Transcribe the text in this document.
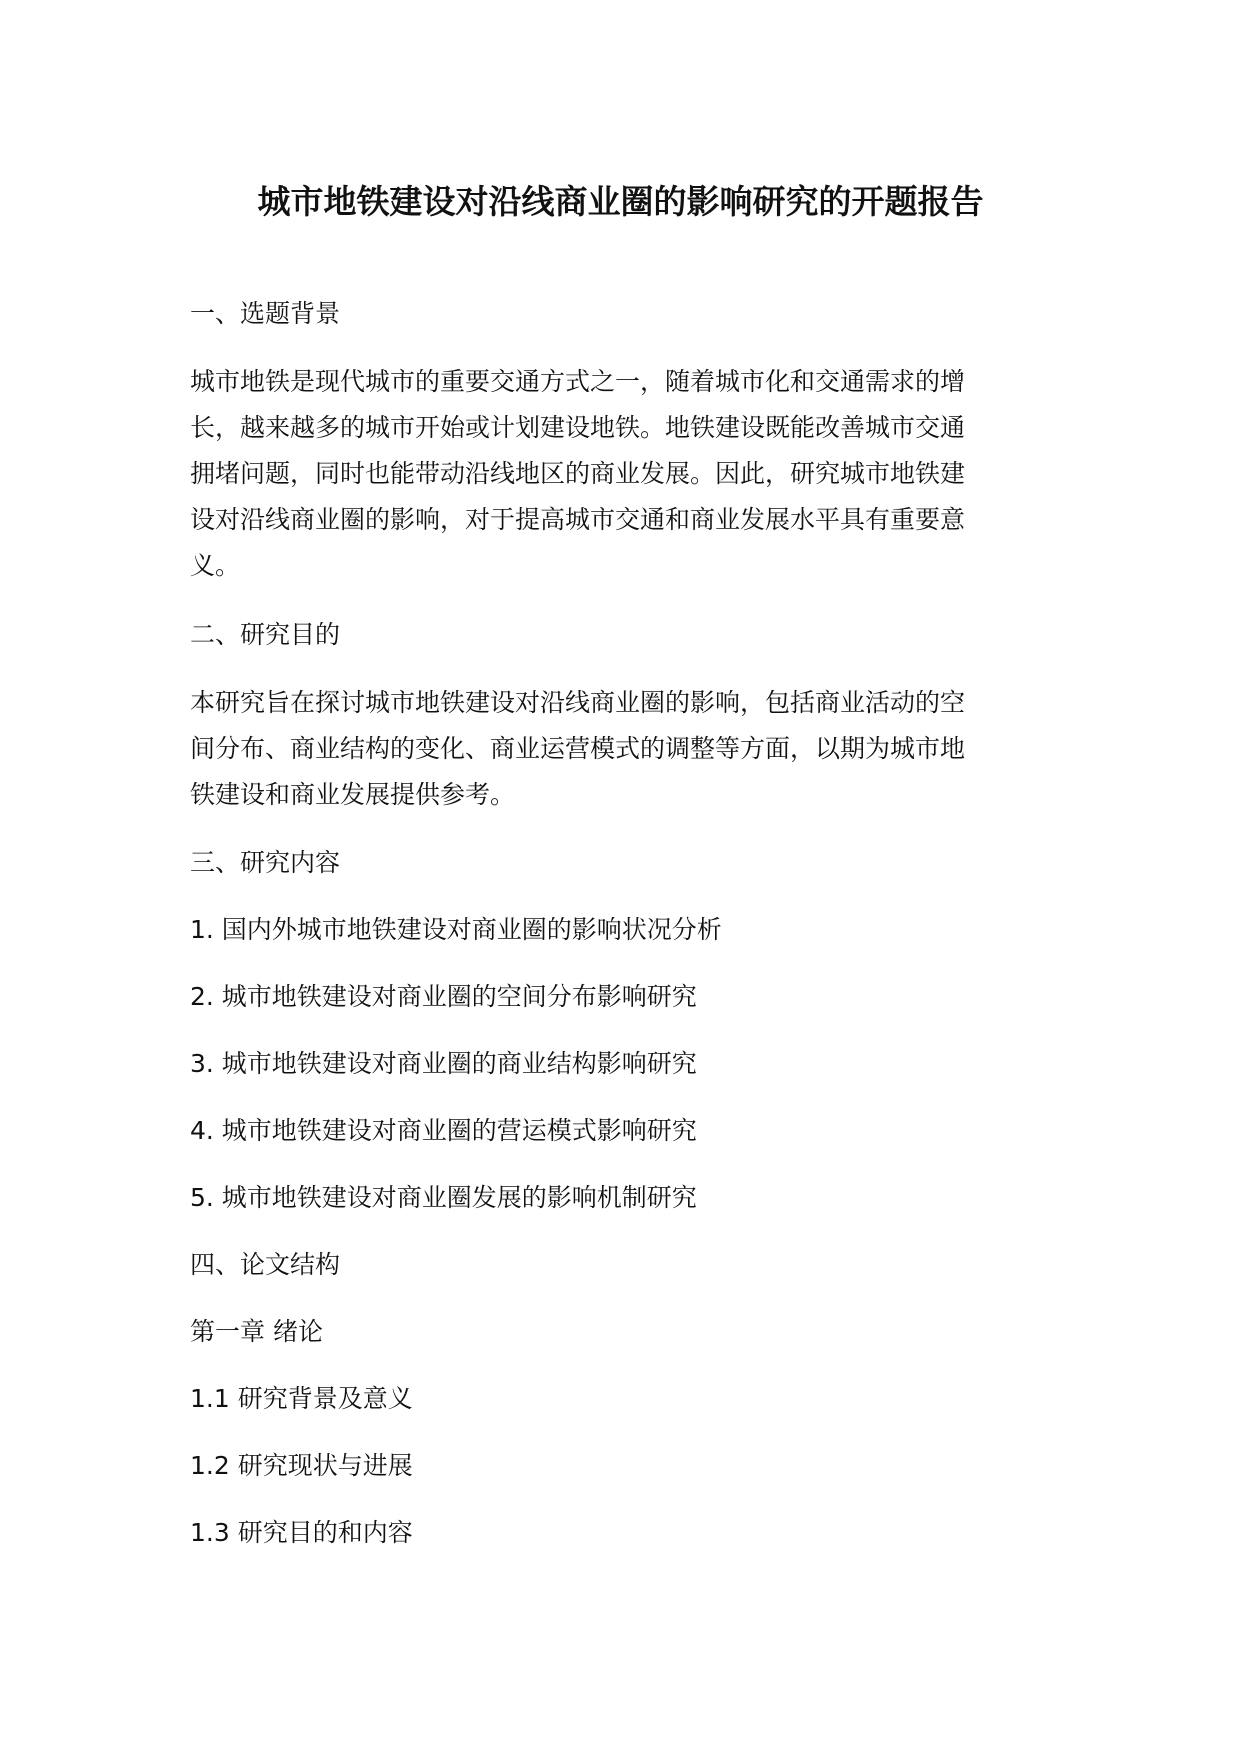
城市地铁建设对沿线商业圈的影响研究的开题报告
一、选题背景
城市地铁是现代城市的重要交通方式之一，随着城市化和交通需求的增
长，越来越多的城市开始或计划建设地铁。地铁建设既能改善城市交通
拥堵问题，同时也能带动沿线地区的商业发展。因此，研究城市地铁建
设对沿线商业圈的影响，对于提高城市交通和商业发展水平具有重要意
义。
二、研究目的
本研究旨在探讨城市地铁建设对沿线商业圈的影响，包括商业活动的空
间分布、商业结构的变化、商业运营模式的调整等方面，以期为城市地
铁建设和商业发展提供参考。
三、研究内容
1. 国内外城市地铁建设对商业圈的影响状况分析
2. 城市地铁建设对商业圈的空间分布影响研究
3. 城市地铁建设对商业圈的商业结构影响研究
4. 城市地铁建设对商业圈的营运模式影响研究
5. 城市地铁建设对商业圈发展的影响机制研究
四、论文结构
第一章 绪论
1.1 研究背景及意义
1.2 研究现状与进展
1.3 研究目的和内容
